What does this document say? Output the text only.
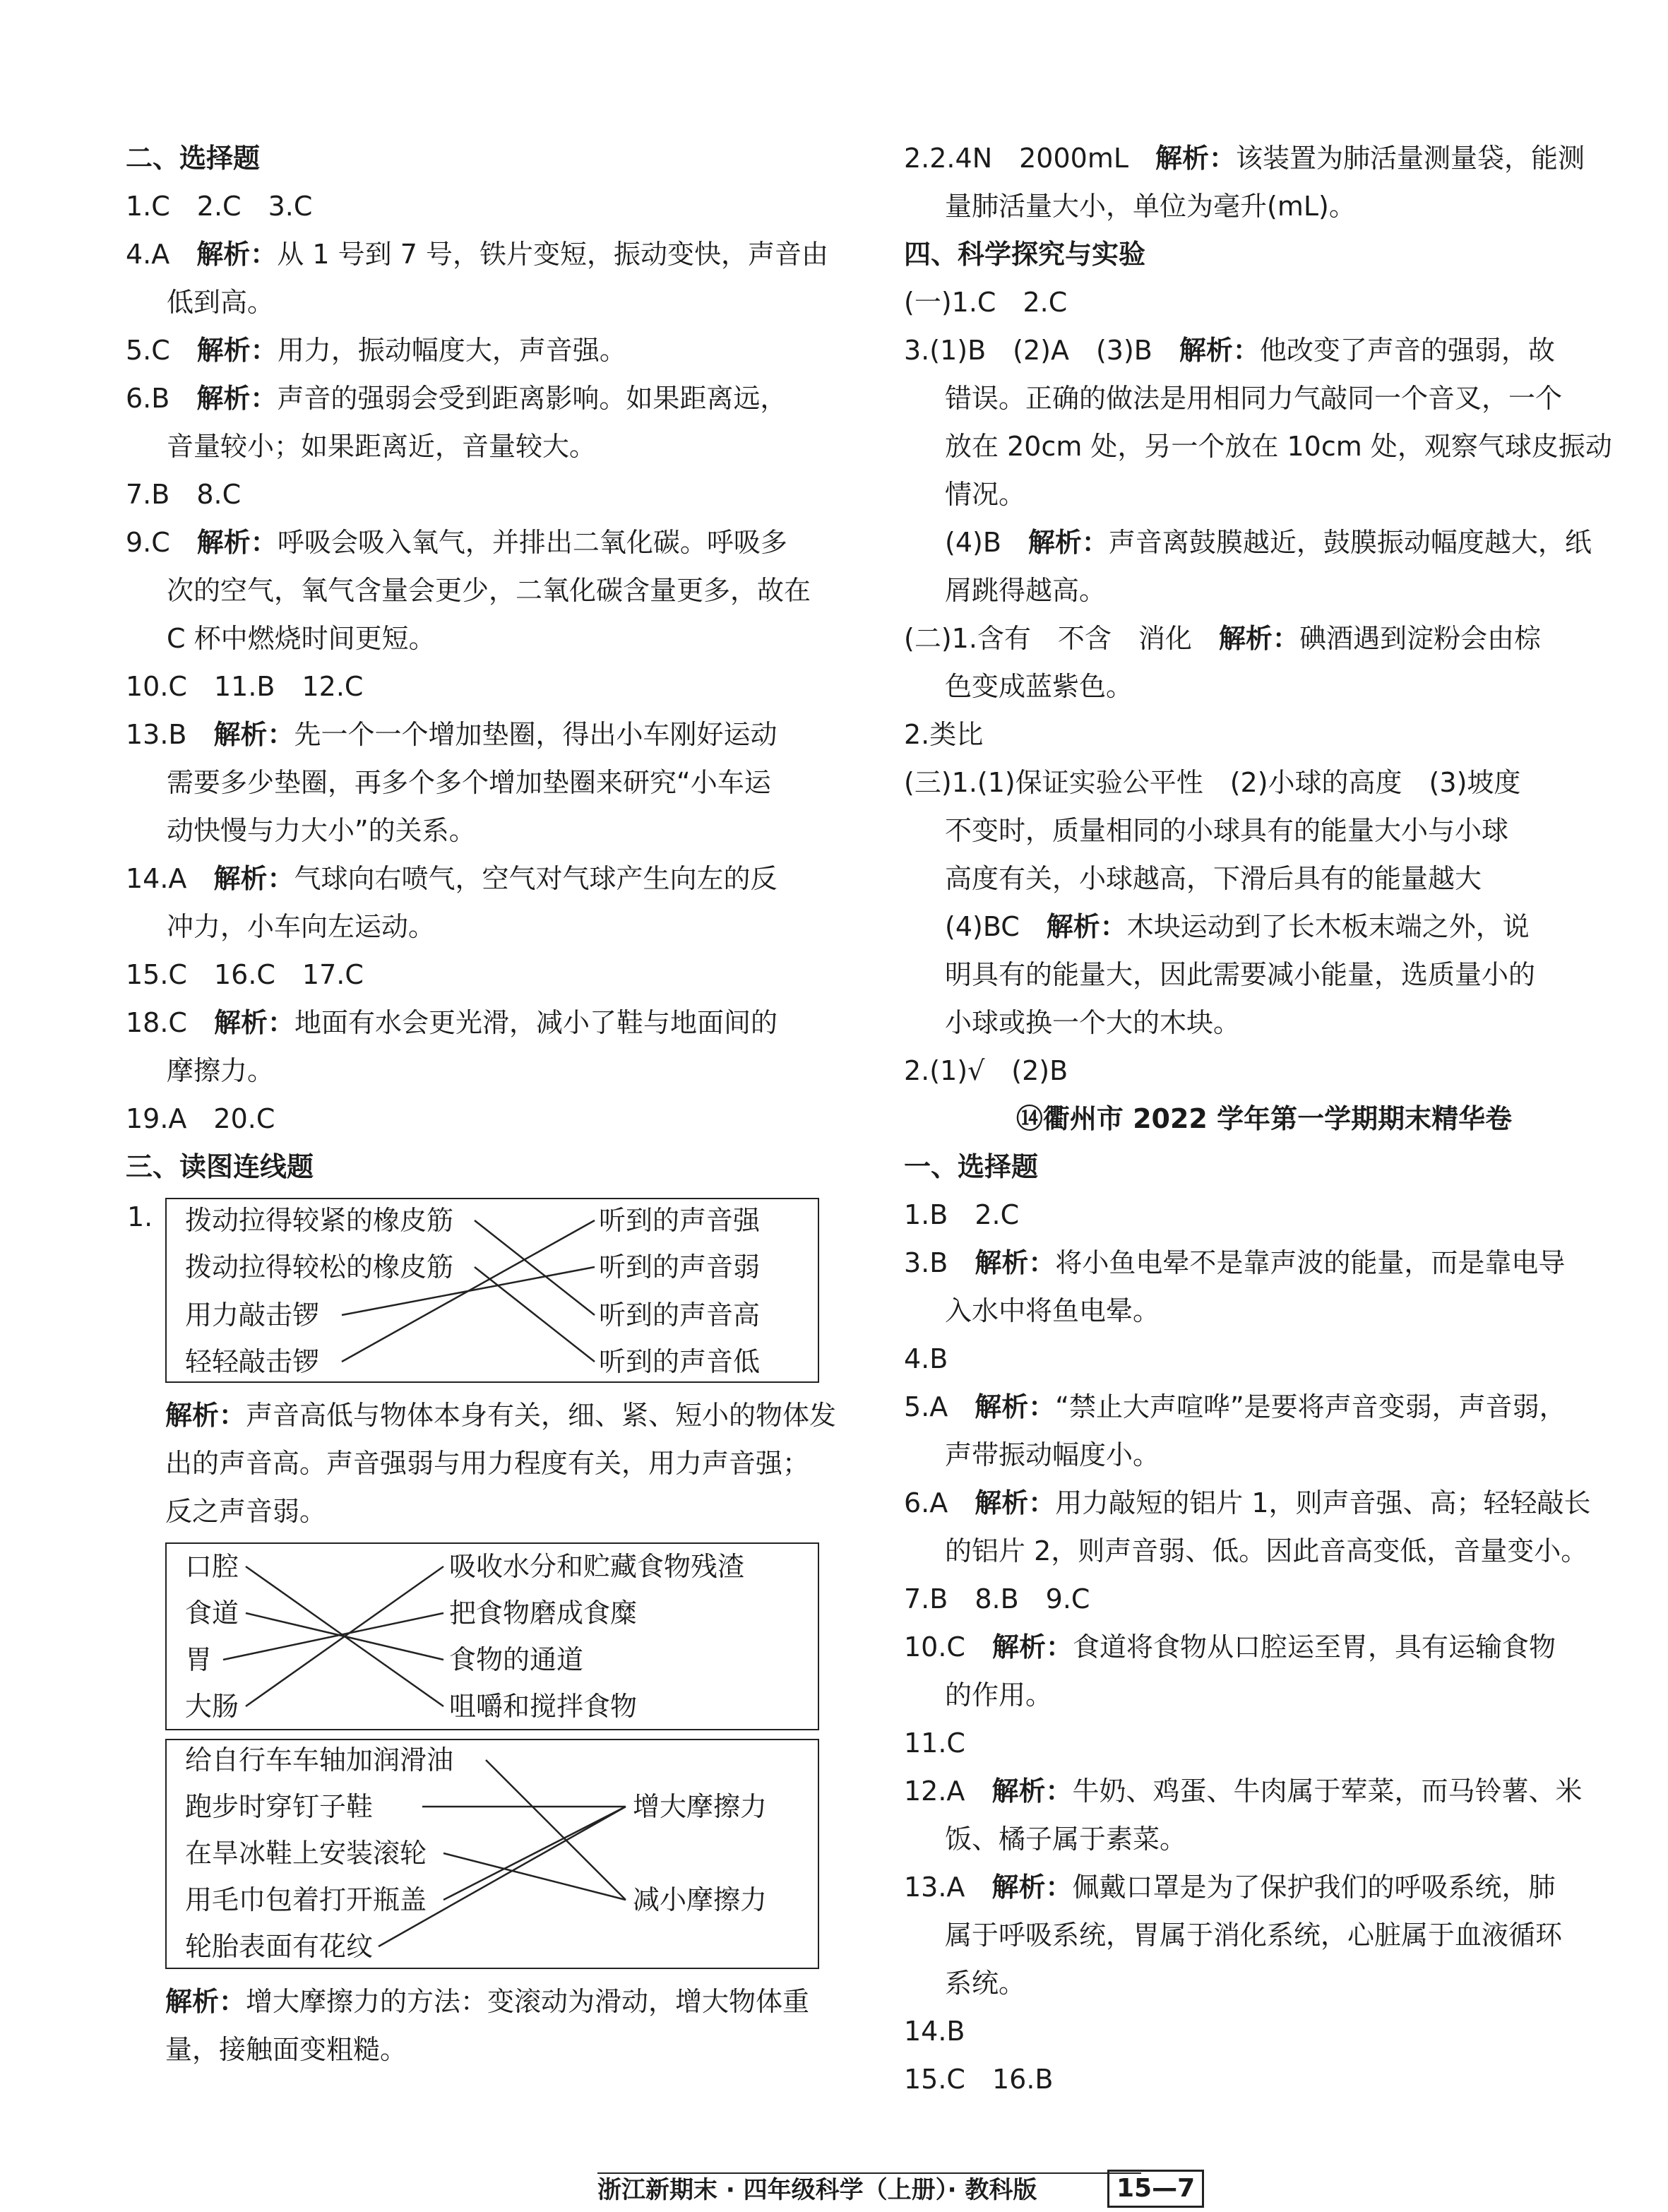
二、选择题
1.C　2.C　3.C
4.A　解析：从 1 号到 7 号，铁片变短，振动变快，声音由
低到高。
5.C　解析：用力，振动幅度大，声音强。
6.B　解析：声音的强弱会受到距离影响。如果距离远，
音量较小；如果距离近，音量较大。
7.B　8.C
9.C　解析：呼吸会吸入氧气，并排出二氧化碳。呼吸多
次的空气，氧气含量会更少，二氧化碳含量更多，故在
C 杯中燃烧时间更短。
10.C　11.B　12.C
13.B　解析：先一个一个增加垫圈，得出小车刚好运动
需要多少垫圈，再多个多个增加垫圈来研究“小车运
动快慢与力大小”的关系。
14.A　解析：气球向右喷气，空气对气球产生向左的反
冲力，小车向左运动。
15.C　16.C　17.C
18.C　解析：地面有水会更光滑，减小了鞋与地面间的
摩擦力。
19.A　20.C
三、读图连线题
1. 拨动拉得较紧的橡皮筋
拨动拉得较松的橡皮筋
用力敲击锣
轻轻敲击锣
听到的声音强
听到的声音弱
听到的声音高
听到的声音低
解析：声音高低与物体本身有关，细、紧、短小的物体发
出的声音高。声音强弱与用力程度有关，用力声音强；
反之声音弱。
口腔
食道
胃
大肠
吸收水分和贮藏食物残渣
把食物磨成食糜
食物的通道
咀嚼和搅拌食物
给自行车车轴加润滑油
跑步时穿钉子鞋
在旱冰鞋上安装滚轮
用毛巾包着打开瓶盖
轮胎表面有花纹
增大摩擦力
减小摩擦力
解析：增大摩擦力的方法：变滚动为滑动，增大物体重
量，接触面变粗糙。
2.2.4N　2000mL　解析：该装置为肺活量测量袋，能测
量肺活量大小，单位为毫升(mL)。
四、科学探究与实验
(一)1.C　2.C
3.(1)B　(2)A　(3)B　解析：他改变了声音的强弱，故
错误。正确的做法是用相同力气敲同一个音叉，一个
放在 20cm 处，另一个放在 10cm 处，观察气球皮振动
情况。
(4)B　解析：声音离鼓膜越近，鼓膜振动幅度越大，纸
屑跳得越高。
(二)1.含有　不含　消化　解析：碘酒遇到淀粉会由棕
色变成蓝紫色。
2.类比
(三)1.(1)保证实验公平性　(2)小球的高度　(3)坡度
不变时，质量相同的小球具有的能量大小与小球
高度有关，小球越高，下滑后具有的能量越大
(4)BC　解析：木块运动到了长木板末端之外，说
明具有的能量大，因此需要减小能量，选质量小的
小球或换一个大的木块。
2.(1)√　(2)B
⑭衢州市 2022 学年第一学期期末精华卷
一、选择题
1.B　2.C
3.B　解析：将小鱼电晕不是靠声波的能量，而是靠电导
入水中将鱼电晕。
4.B
5.A　解析：“禁止大声喧哗”是要将声音变弱，声音弱，
声带振动幅度小。
6.A　解析：用力敲短的铝片 1，则声音强、高；轻轻敲长
的铝片 2，则声音弱、低。因此音高变低，音量变小。
7.B　8.B　9.C
10.C　解析：食道将食物从口腔运至胃，具有运输食物
的作用。
11.C
12.A　解析：牛奶、鸡蛋、牛肉属于荤菜，而马铃薯、米
饭、橘子属于素菜。
13.A　解析：佩戴口罩是为了保护我们的呼吸系统，肺
属于呼吸系统，胃属于消化系统，心脏属于血液循环
系统。
14.B
15.C　16.B
浙江新期末 · 四年级科学（上册）· 教科版	15—7
